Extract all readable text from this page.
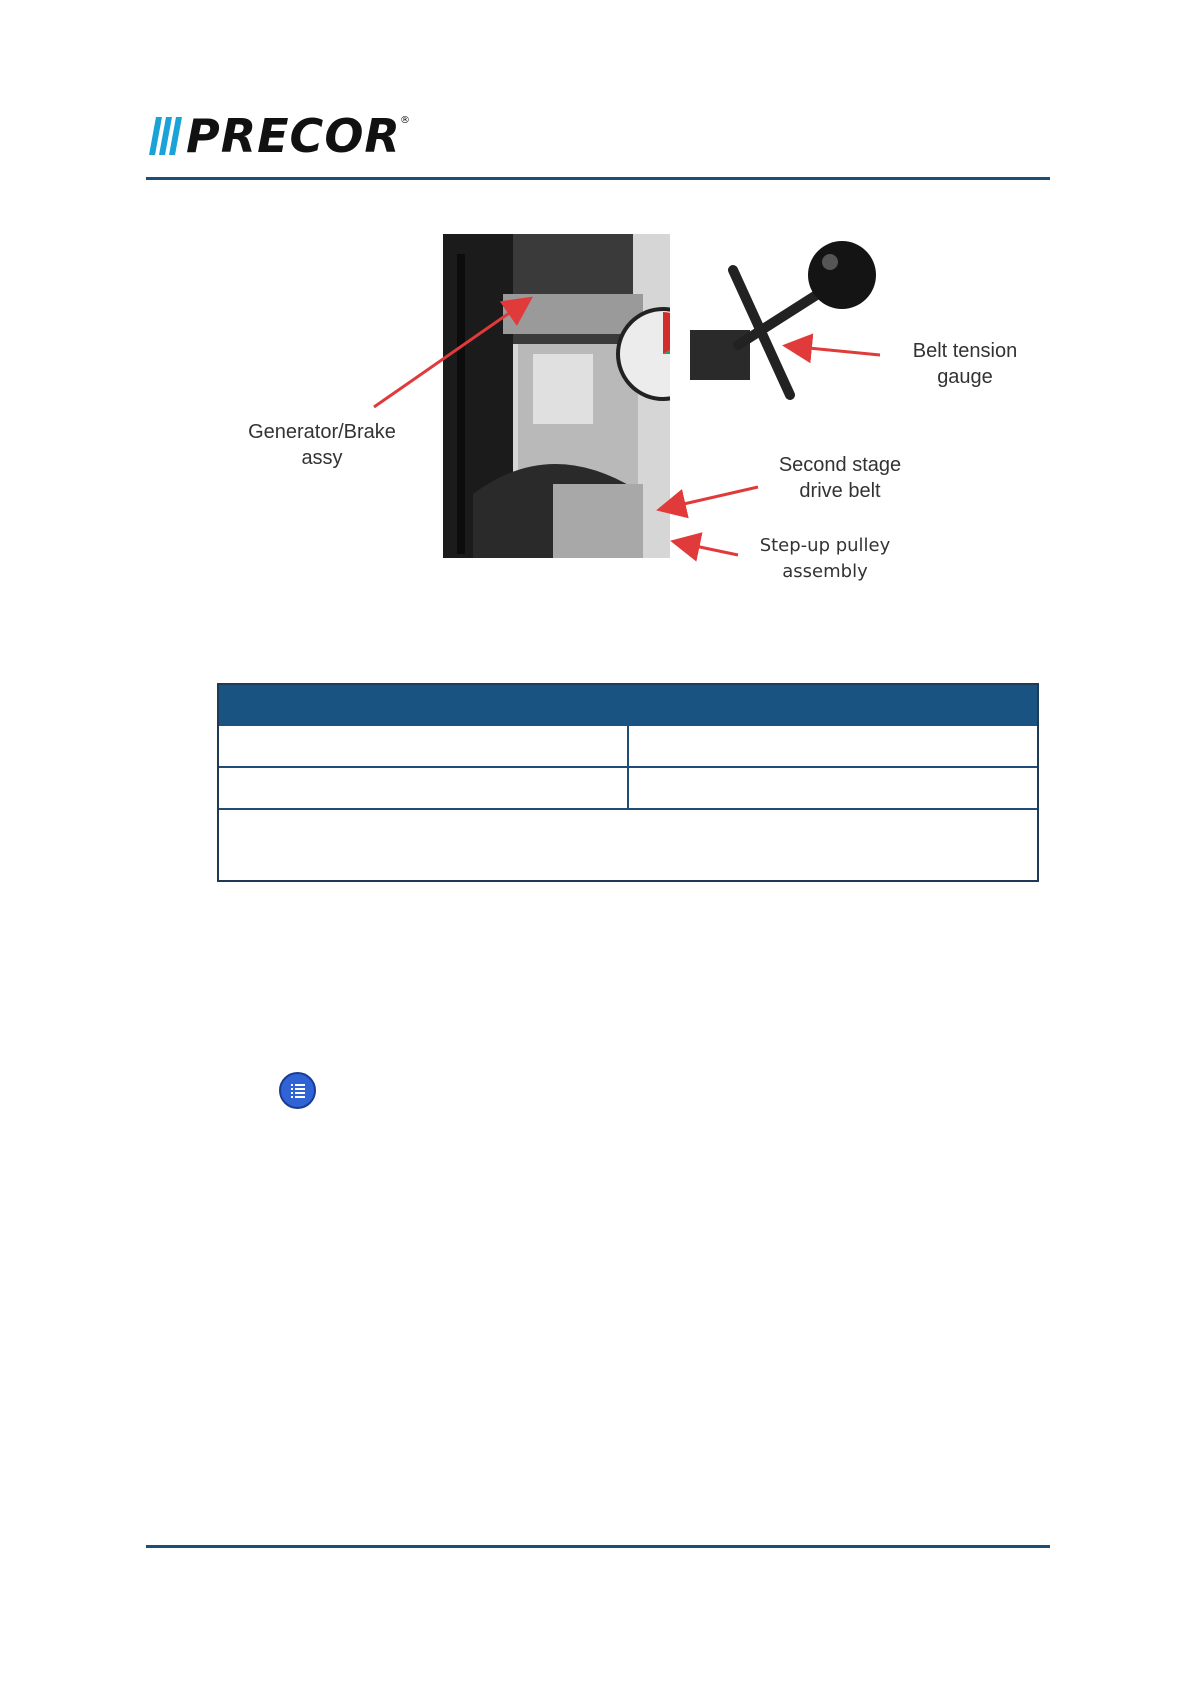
PRECOR ®
Belt tension
gauge
Generator/Brake
assy	Second stage
drive belt
Step-up pulley
assembly
